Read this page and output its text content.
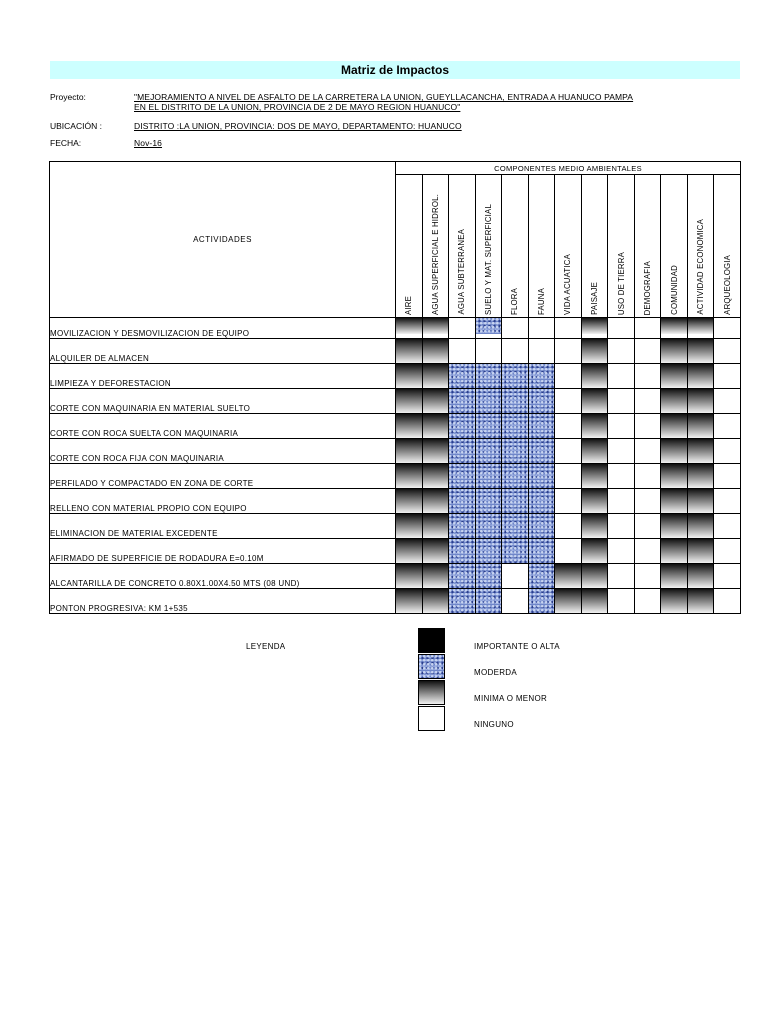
Matriz de Impactos
Proyecto:	"MEJORAMIENTO A NIVEL DE ASFALTO DE LA CARRETERA LA UNION, GUEYLLACANCHA, ENTRADA A HUANUCO PAMPA
EN EL DISTRITO DE LA UNION, PROVINCIA DE 2 DE MAYO REGION HUANUCO"
UBICACIÓN :	DISTRITO :LA UNION, PROVINCIA: DOS DE MAYO, DEPARTAMENTO: HUANUCO
FECHA:	Nov-16
ACTIVIDADES	COMPONENTES MEDIO AMBIENTALES												

	AIRE	AGUA SUPERFICIAL E HIDROL.	AGUA SUBTERRANEA	SUELO Y MAT. SUPERFICIAL	FLORA	FAUNA	VIDA ACUATICA	PAISAJE	USO DE TIERRA	DEMOGRAFIA	COMUNIDAD	ACTIVIDAD ECONOMICA	ARQUEOLOGIA

MOVILIZACION Y DESMOVILIZACION DE EQUIPO	

ALQUILER DE ALMACEN	

LIMPIEZA Y DEFORESTACION	

CORTE CON MAQUINARIA EN MATERIAL SUELTO	

CORTE CON ROCA SUELTA CON MAQUINARIA	

CORTE CON ROCA FIJA CON MAQUINARIA	

PERFILADO Y COMPACTADO EN ZONA DE CORTE	

RELLENO CON MATERIAL PROPIO CON EQUIPO	

ELIMINACION DE MATERIAL EXCEDENTE	

AFIRMADO DE SUPERFICIE DE RODADURA E=0.10M	

ALCANTARILLA DE CONCRETO 0.80X1.00X4.50 MTS (08 UND)	

PONTON PROGRESIVA: KM 1+535	

LEYENDA	IMPORTANTE O ALTA
MODERDA
MINIMA O MENOR
NINGUNO
